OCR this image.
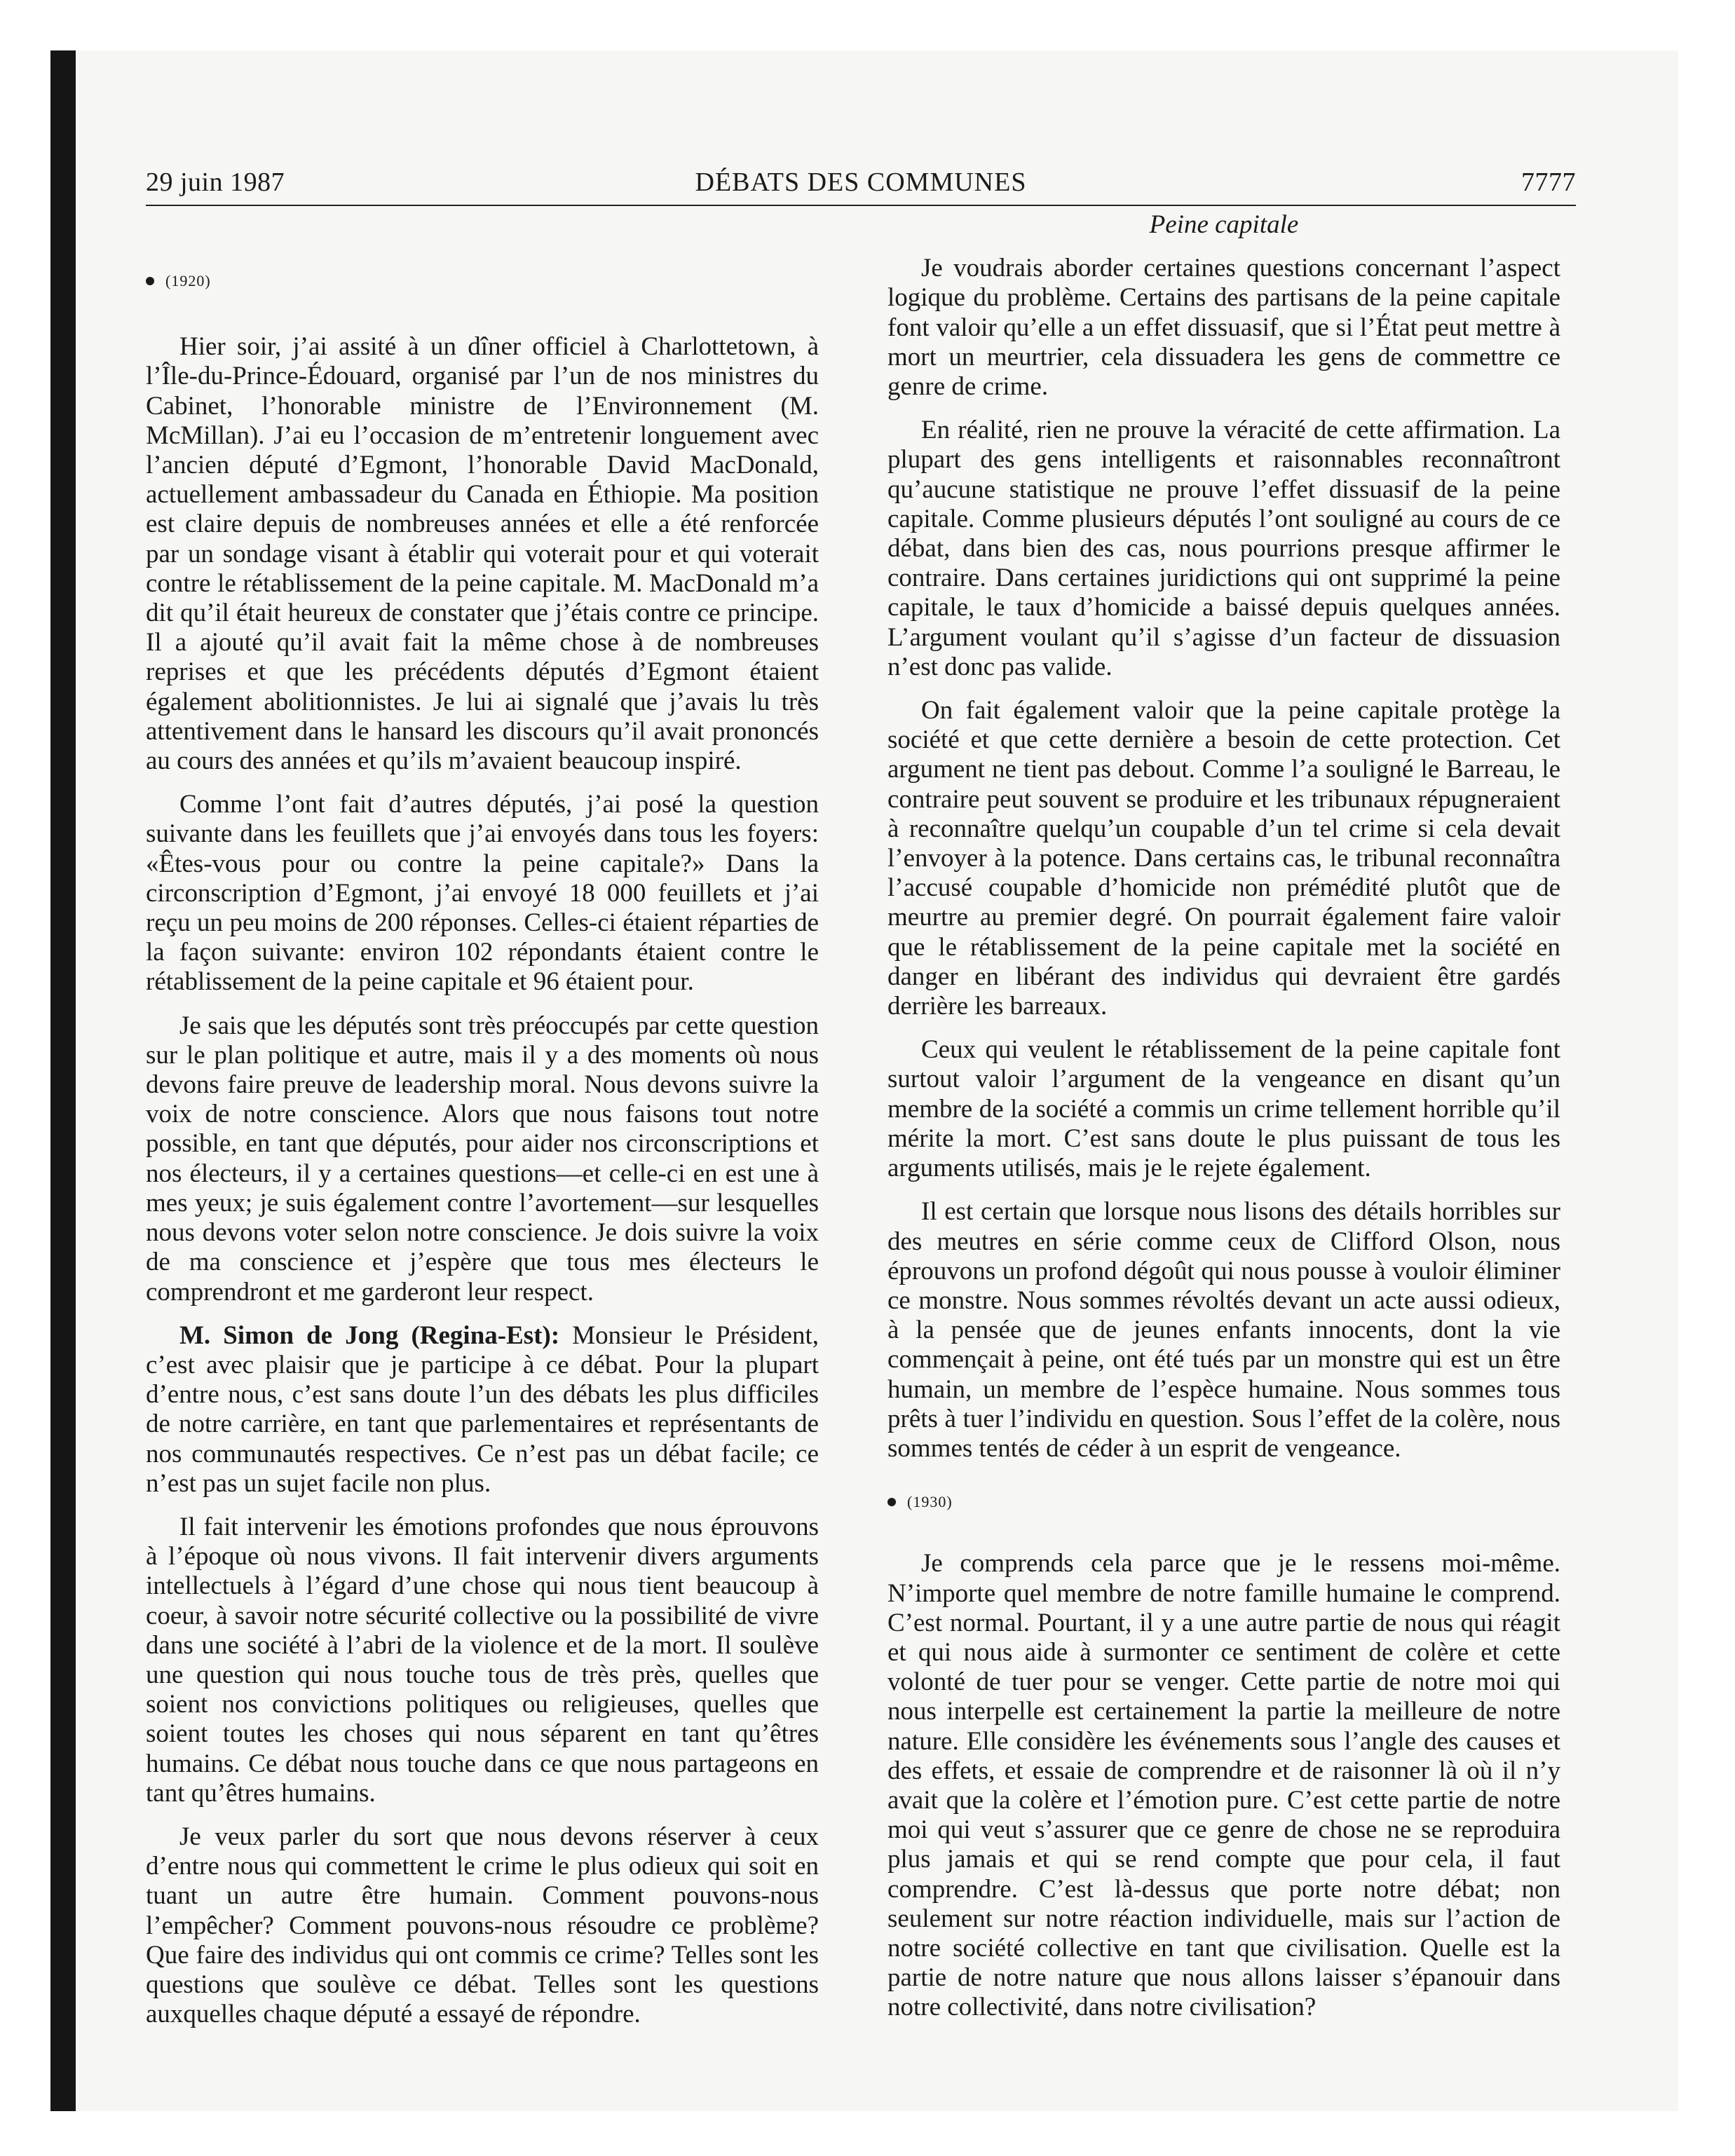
29 juin 1987	DÉBATS DES COMMUNES	7777
(1920)

Hier soir, j’ai assité à un dîner officiel à Charlottetown, à l’Île-du-Prince-Édouard, organisé par l’un de nos ministres du Cabinet, l’honorable ministre de l’Environnement (M. McMillan). J’ai eu l’occasion de m’entretenir longuement avec l’ancien député d’Egmont, l’honorable David MacDonald, actuellement ambassadeur du Canada en Éthiopie. Ma position est claire depuis de nombreuses années et elle a été renforcée par un sondage visant à établir qui voterait pour et qui voterait contre le rétablissement de la peine capitale. M. MacDonald m’a dit qu’il était heureux de constater que j’étais contre ce principe. Il a ajouté qu’il avait fait la même chose à de nombreuses reprises et que les précédents députés d’Egmont étaient également abolitionnistes. Je lui ai signalé que j’avais lu très attentivement dans le hansard les discours qu’il avait prononcés au cours des années et qu’ils m’avaient beaucoup inspiré.

Comme l’ont fait d’autres députés, j’ai posé la question suivante dans les feuillets que j’ai envoyés dans tous les foyers: «Êtes-vous pour ou contre la peine capitale?» Dans la circonscription d’Egmont, j’ai envoyé 18 000 feuillets et j’ai reçu un peu moins de 200 réponses. Celles-ci étaient réparties de la façon suivante: environ 102 répondants étaient contre le rétablissement de la peine capitale et 96 étaient pour.

Je sais que les députés sont très préoccupés par cette question sur le plan politique et autre, mais il y a des moments où nous devons faire preuve de leadership moral. Nous devons suivre la voix de notre conscience. Alors que nous faisons tout notre possible, en tant que députés, pour aider nos circonscriptions et nos électeurs, il y a certaines questions—et celle-ci en est une à mes yeux; je suis également contre l’avortement—sur lesquelles nous devons voter selon notre conscience. Je dois suivre la voix de ma conscience et j’espère que tous mes électeurs le comprendront et me garderont leur respect.

M. Simon de Jong (Regina-Est): Monsieur le Président, c’est avec plaisir que je participe à ce débat. Pour la plupart d’entre nous, c’est sans doute l’un des débats les plus difficiles de notre carrière, en tant que parlementaires et représentants de nos communautés respectives. Ce n’est pas un débat facile; ce n’est pas un sujet facile non plus.

Il fait intervenir les émotions profondes que nous éprouvons à l’époque où nous vivons. Il fait intervenir divers arguments intellectuels à l’égard d’une chose qui nous tient beaucoup à coeur, à savoir notre sécurité collective ou la possibilité de vivre dans une société à l’abri de la violence et de la mort. Il soulève une question qui nous touche tous de très près, quelles que soient nos convictions politiques ou religieuses, quelles que soient toutes les choses qui nous séparent en tant qu’êtres humains. Ce débat nous touche dans ce que nous partageons en tant qu’êtres humains.

Je veux parler du sort que nous devons réserver à ceux d’entre nous qui commettent le crime le plus odieux qui soit en tuant un autre être humain. Comment pouvons-nous l’empêcher? Comment pouvons-nous résoudre ce problème? Que faire des individus qui ont commis ce crime? Telles sont les questions que soulève ce débat. Telles sont les questions auxquelles chaque député a essayé de répondre.

Peine capitale

Je voudrais aborder certaines questions concernant l’aspect logique du problème. Certains des partisans de la peine capitale font valoir qu’elle a un effet dissuasif, que si l’État peut mettre à mort un meurtrier, cela dissuadera les gens de commettre ce genre de crime.

En réalité, rien ne prouve la véracité de cette affirmation. La plupart des gens intelligents et raisonnables reconnaîtront qu’aucune statistique ne prouve l’effet dissuasif de la peine capitale. Comme plusieurs députés l’ont souligné au cours de ce débat, dans bien des cas, nous pourrions presque affirmer le contraire. Dans certaines juridictions qui ont supprimé la peine capitale, le taux d’homicide a baissé depuis quelques années. L’argument voulant qu’il s’agisse d’un facteur de dissuasion n’est donc pas valide.

On fait également valoir que la peine capitale protège la société et que cette dernière a besoin de cette protection. Cet argument ne tient pas debout. Comme l’a souligné le Barreau, le contraire peut souvent se produire et les tribunaux répugneraient à reconnaître quelqu’un coupable d’un tel crime si cela devait l’envoyer à la potence. Dans certains cas, le tribunal reconnaîtra l’accusé coupable d’homicide non prémédité plutôt que de meurtre au premier degré. On pourrait également faire valoir que le rétablissement de la peine capitale met la société en danger en libérant des individus qui devraient être gardés derrière les barreaux.

Ceux qui veulent le rétablissement de la peine capitale font surtout valoir l’argument de la vengeance en disant qu’un membre de la société a commis un crime tellement horrible qu’il mérite la mort. C’est sans doute le plus puissant de tous les arguments utilisés, mais je le rejete également.

Il est certain que lorsque nous lisons des détails horribles sur des meutres en série comme ceux de Clifford Olson, nous éprouvons un profond dégoût qui nous pousse à vouloir éliminer ce monstre. Nous sommes révoltés devant un acte aussi odieux, à la pensée que de jeunes enfants innocents, dont la vie commençait à peine, ont été tués par un monstre qui est un être humain, un membre de l’espèce humaine. Nous sommes tous prêts à tuer l’individu en question. Sous l’effet de la colère, nous sommes tentés de céder à un esprit de vengeance.

(1930)

Je comprends cela parce que je le ressens moi-même. N’importe quel membre de notre famille humaine le comprend. C’est normal. Pourtant, il y a une autre partie de nous qui réagit et qui nous aide à surmonter ce sentiment de colère et cette volonté de tuer pour se venger. Cette partie de notre moi qui nous interpelle est certainement la partie la meilleure de notre nature. Elle considère les événements sous l’angle des causes et des effets, et essaie de comprendre et de raisonner là où il n’y avait que la colère et l’émotion pure. C’est cette partie de notre moi qui veut s’assurer que ce genre de chose ne se reproduira plus jamais et qui se rend compte que pour cela, il faut comprendre. C’est là-dessus que porte notre débat; non seulement sur notre réaction individuelle, mais sur l’action de notre société collective en tant que civilisation. Quelle est la partie de notre nature que nous allons laisser s’épanouir dans notre collectivité, dans notre civilisation?
